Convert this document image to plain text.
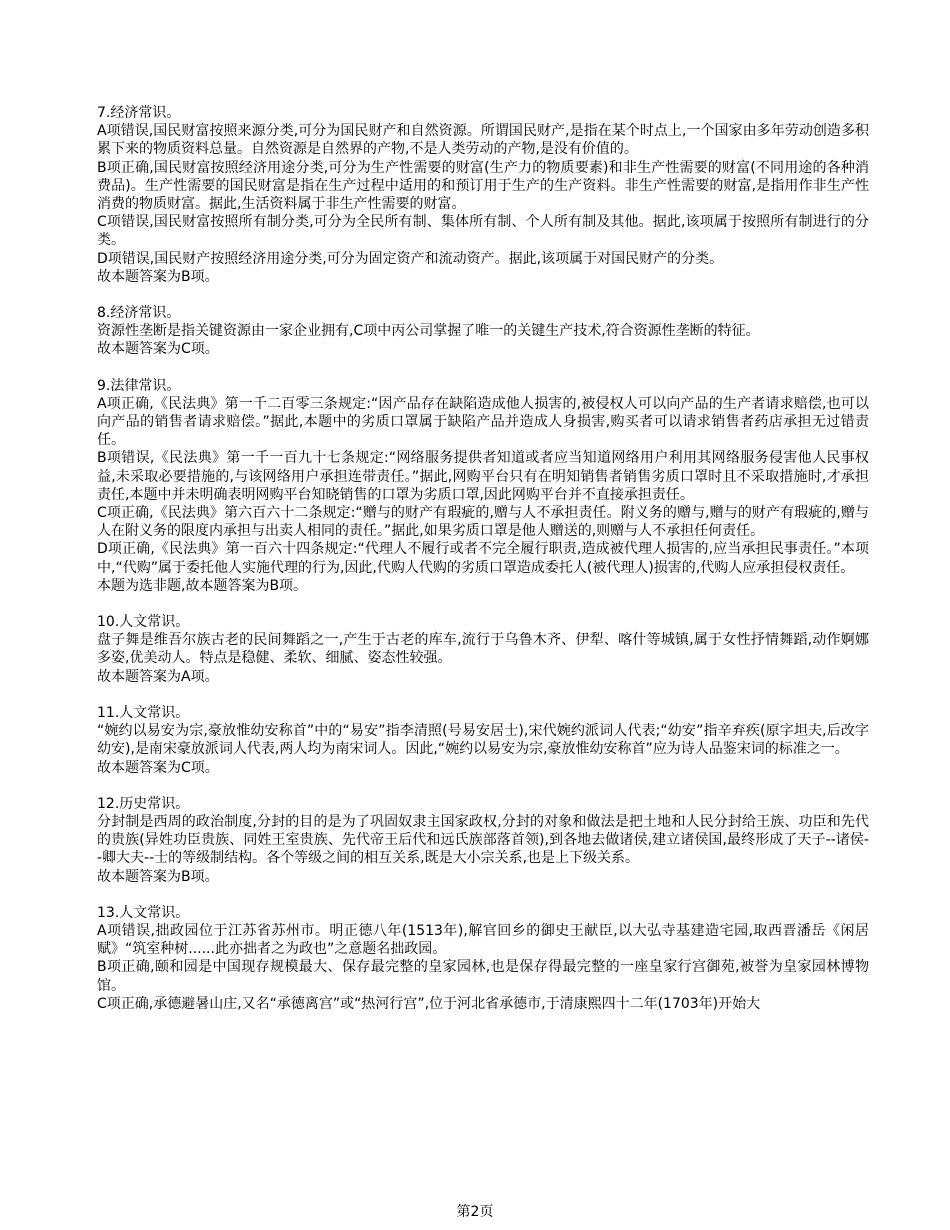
7.经济常识。

A项错误,国民财富按照来源分类,可分为国民财产和自然资源。所谓国民财产,是指在某个时点上,一个国家由多年劳动创造多积累下来的物质资料总量。自然资源是自然界的产物,不是人类劳动的产物,是没有价值的。

B项正确,国民财富按照经济用途分类,可分为生产性需要的财富(生产力的物质要素)和非生产性需要的财富(不同用途的各种消费品)。生产性需要的国民财富是指在生产过程中适用的和预订用于生产的生产资料。非生产性需要的财富,是指用作非生产性消费的物质财富。据此,生活资料属于非生产性需要的财富。

C项错误,国民财富按照所有制分类,可分为全民所有制、集体所有制、个人所有制及其他。据此,该项属于按照所有制进行的分类。

D项错误,国民财产按照经济用途分类,可分为固定资产和流动资产。据此,该项属于对国民财产的分类。

故本题答案为B项。

8.经济常识。

资源性垄断是指关键资源由一家企业拥有,C项中丙公司掌握了唯一的关键生产技术,符合资源性垄断的特征。

故本题答案为C项。

9.法律常识。

A项正确,《民法典》第一千二百零三条规定:“因产品存在缺陷造成他人损害的,被侵权人可以向产品的生产者请求赔偿,也可以向产品的销售者请求赔偿。”据此,本题中的劣质口罩属于缺陷产品并造成人身损害,购买者可以请求销售者药店承担无过错责任。

B项错误,《民法典》第一千一百九十七条规定:“网络服务提供者知道或者应当知道网络用户利用其网络服务侵害他人民事权益,未采取必要措施的,与该网络用户承担连带责任。”据此,网购平台只有在明知销售者销售劣质口罩时且不采取措施时,才承担责任,本题中并未明确表明网购平台知晓销售的口罩为劣质口罩,因此网购平台并不直接承担责任。

C项正确,《民法典》第六百六十二条规定:“赠与的财产有瑕疵的,赠与人不承担责任。附义务的赠与,赠与的财产有瑕疵的,赠与人在附义务的限度内承担与出卖人相同的责任。”据此,如果劣质口罩是他人赠送的,则赠与人不承担任何责任。

D项正确,《民法典》第一百六十四条规定:“代理人不履行或者不完全履行职责,造成被代理人损害的,应当承担民事责任。”本项中,“代购”属于委托他人实施代理的行为,因此,代购人代购的劣质口罩造成委托人(被代理人)损害的,代购人应承担侵权责任。

本题为选非题,故本题答案为B项。

10.人文常识。

盘子舞是维吾尔族古老的民间舞蹈之一,产生于古老的库车,流行于乌鲁木齐、伊犁、喀什等城镇,属于女性抒情舞蹈,动作婀娜多姿,优美动人。特点是稳健、柔软、细腻、姿态性较强。

故本题答案为A项。

11.人文常识。

“婉约以易安为宗,豪放惟幼安称首”中的“易安”指李清照(号易安居士),宋代婉约派词人代表;“幼安”指辛弃疾(原字坦夫,后改字幼安),是南宋豪放派词人代表,两人均为南宋词人。因此,“婉约以易安为宗,豪放惟幼安称首”应为诗人品鉴宋词的标准之一。

故本题答案为C项。

12.历史常识。

分封制是西周的政治制度,分封的目的是为了巩固奴隶主国家政权,分封的对象和做法是把土地和人民分封给王族、功臣和先代的贵族(异姓功臣贵族、同姓王室贵族、先代帝王后代和远氏族部落首领),到各地去做诸侯,建立诸侯国,最终形成了天子--诸侯--卿大夫--士的等级制结构。各个等级之间的相互关系,既是大小宗关系,也是上下级关系。

故本题答案为B项。

13.人文常识。

A项错误,拙政园位于江苏省苏州市。明正德八年(1513年),解官回乡的御史王献臣,以大弘寺基建造宅园,取西晋潘岳《闲居赋》“筑室种树......此亦拙者之为政也”之意题名拙政园。

B项正确,颐和园是中国现存规模最大、保存最完整的皇家园林,也是保存得最完整的一座皇家行宫御苑,被誉为皇家园林博物馆。

C项正确,承德避暑山庄,又名“承德离宫”或“热河行宫”,位于河北省承德市,于清康熙四十二年(1703年)开始大

第2页
